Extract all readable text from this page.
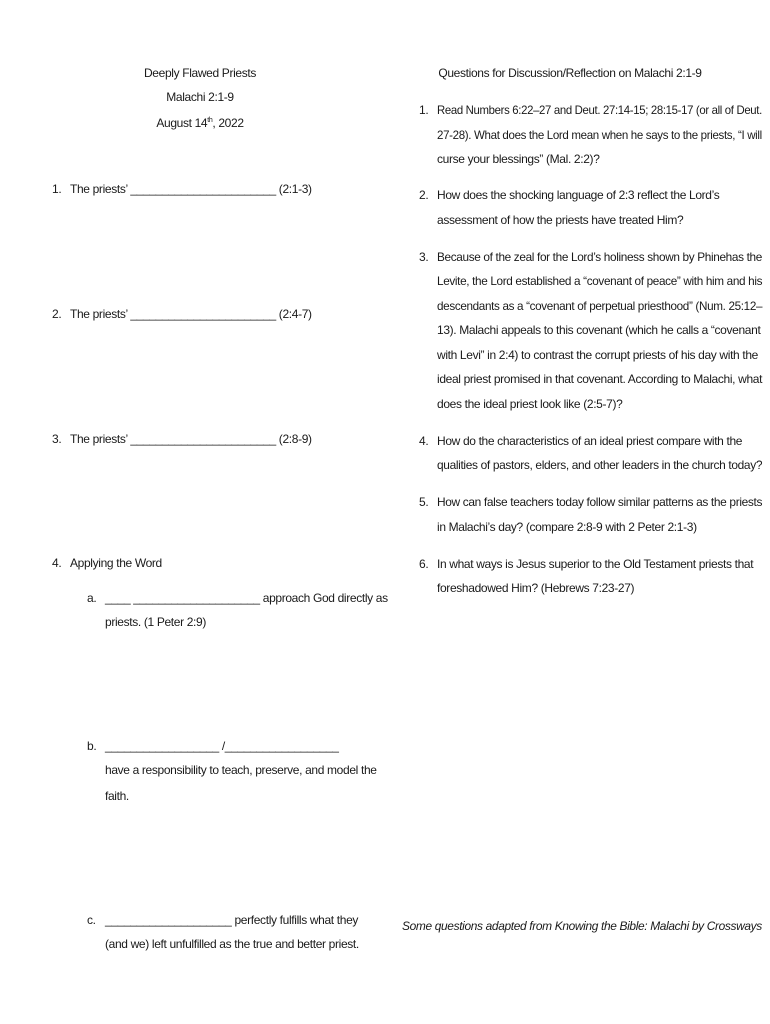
Deeply Flawed Priests
Malachi 2:1-9
August 14th, 2022
1. The priests’ _______________________ (2:1-3)
2. The priests’ _______________________ (2:4-7)
3. The priests’ _______________________ (2:8-9)
4. Applying the Word
a. ____ ____________________ approach God directly as
priests. (1 Peter 2:9)
b. __________________ /__________________
have a responsibility to teach, preserve, and model the
faith.
c. ____________________ perfectly fulfills what they
(and we) left unfulfilled as the true and better priest.
Questions for Discussion/Reflection on Malachi 2:1-9
1. Read Numbers 6:22–27 and Deut. 27:14-15; 28:15-17 (or all of Deut.
27-28). What does the Lord mean when he says to the priests, “I will
curse your blessings” (Mal. 2:2)?
2. How does the shocking language of 2:3 reflect the Lord’s
assessment of how the priests have treated Him?
3. Because of the zeal for the Lord’s holiness shown by Phinehas the
Levite, the Lord established a “covenant of peace” with him and his
descendants as a “covenant of perpetual priesthood” (Num. 25:12–
13). Malachi appeals to this covenant (which he calls a “covenant
with Levi” in 2:4) to contrast the corrupt priests of his day with the
ideal priest promised in that covenant. According to Malachi, what
does the ideal priest look like (2:5-7)?
4. How do the characteristics of an ideal priest compare with the
qualities of pastors, elders, and other leaders in the church today?
5. How can false teachers today follow similar patterns as the priests
in Malachi’s day? (compare 2:8-9 with 2 Peter 2:1-3)
6. In what ways is Jesus superior to the Old Testament priests that
foreshadowed Him? (Hebrews 7:23-27)
Some questions adapted from Knowing the Bible: Malachi by Crossways
